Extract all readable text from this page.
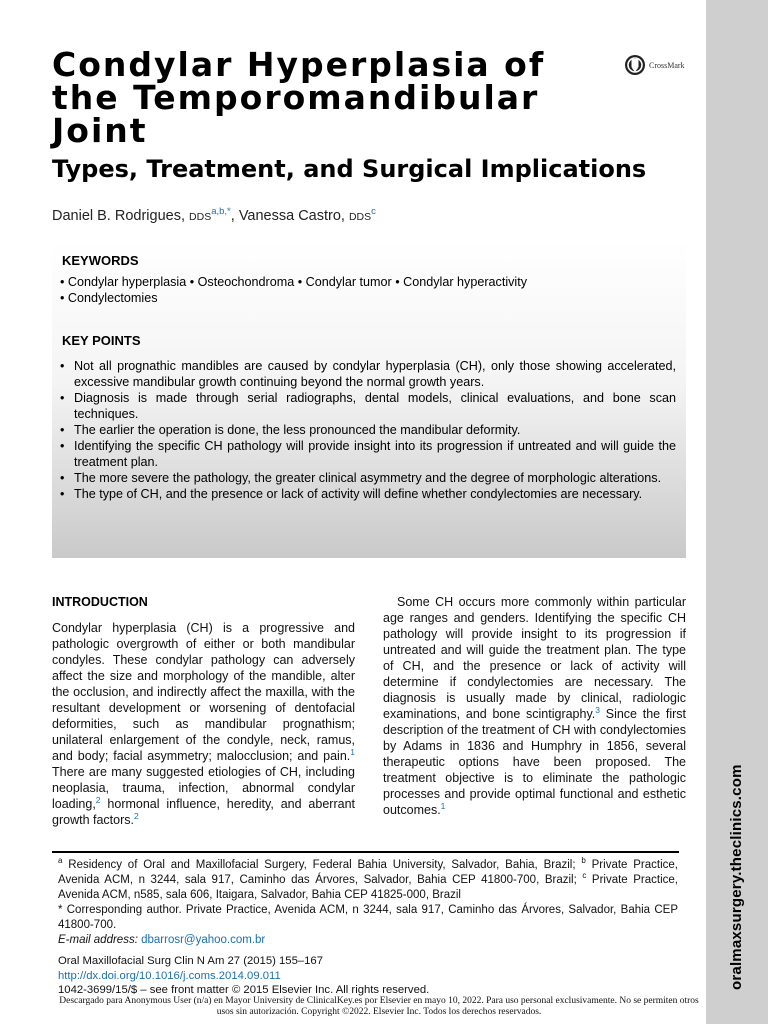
oralmaxsurgery.theclinics.com
Condylar Hyperplasia of the Temporomandibular Joint
Types, Treatment, and Surgical Implications
CrossMark
Daniel B. Rodrigues, $DDS^{a,b,*}$, Vanessa Castro, DDS$^c$
KEYWORDS
• Condylar hyperplasia • Osteochondroma • Condylar tumor • Condylar hyperactivity
• Condylectomies
KEY POINTS
• Not all prognathic mandibles are caused by condylar hyperplasia (CH), only those showing accelerated, excessive mandibular growth continuing beyond the normal growth years.
• Diagnosis is made through serial radiographs, dental models, clinical evaluations, and bone scan techniques.
• The earlier the operation is done, the less pronounced the mandibular deformity.
• Identifying the specific CH pathology will provide insight into its progression if untreated and will guide the treatment plan.
• The more severe the pathology, the greater clinical asymmetry and the degree of morphologic alterations.
• The type of CH, and the presence or lack of activity will define whether condylectomies are necessary.
INTRODUCTION

Condylar hyperplasia (CH) is a progressive and pathologic overgrowth of either or both mandibular condyles. These condylar pathology can adversely affect the size and morphology of the mandible, alter the occlusion, and indirectly affect the maxilla, with the resultant development or worsening of dentofacial deformities, such as mandibular prognathism; unilateral enlargement of the condyle, neck, ramus, and body; facial asymmetry; malocclusion; and pain.$^1$ There are many suggested etiologies of CH, including neoplasia, trauma, infection, abnormal condylar loading,$^2$ hormonal influence, heredity, and aberrant growth factors.$^2$

Some CH occurs more commonly within particular age ranges and genders. Identifying the specific CH pathology will provide insight to its progression if untreated and will guide the treatment plan. The type of CH, and the presence or lack of activity will determine if condylectomies are necessary. The diagnosis is usually made by clinical, radiologic examinations, and bone scintigraphy.$^3$ Since the first description of the treatment of CH with condylectomies by Adams in 1836 and Humphry in 1856, several therapeutic options have been proposed. The treatment objective is to eliminate the pathologic processes and provide optimal functional and esthetic outcomes.$^1$

$^a$ Residency of Oral and Maxillofacial Surgery, Federal Bahia University, Salvador, Bahia, Brazil; $^b$ Private Practice, Avenida ACM, n 3244, sala 917, Caminho das Árvores, Salvador, Bahia CEP 41800-700, Brazil; $^c$ Private Practice, Avenida ACM, n585, sala 606, Itaigara, Salvador, Bahia CEP 41825-000, Brazil

* Corresponding author. Private Practice, Avenida ACM, n 3244, sala 917, Caminho das Árvores, Salvador, Bahia CEP 41800-700.

E-mail address: dbarrosr@yahoo.com.br

Oral Maxillofacial Surg Clin N Am 27 (2015) 155–167
http://dx.doi.org/10.1016/j.coms.2014.09.011
1042-3699/15/$ – see front matter © 2015 Elsevier Inc. All rights reserved.
Descargado para Anonymous User (n/a) en Mayor University de ClinicalKey.es por Elsevier en mayo 10, 2022. Para uso personal exclusivamente. No se permiten otros usos sin autorización. Copyright ©2022. Elsevier Inc. Todos los derechos reservados.
